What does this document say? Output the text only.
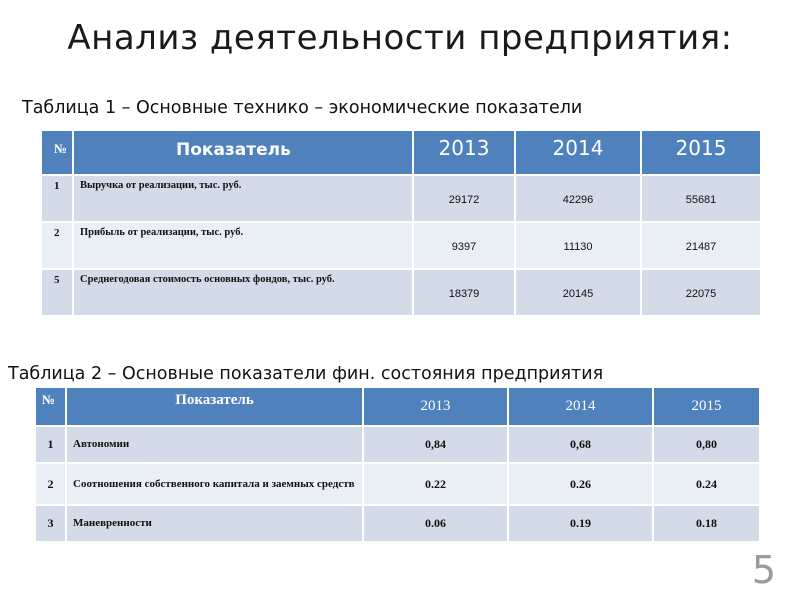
Анализ деятельности предприятия:
Таблица 1 – Основные технико – экономические показатели
№	Показатель	2013	2014	2015
1	Выручка от реализации, тыс. руб.	29172	42296	55681
2	Прибыль от реализации, тыс. руб.	9397	11130	21487
5	Среднегодовая стоимость основных фондов, тыс. руб.	18379	20145	22075
Таблица 2 – Основные показатели фин. состояния предприятия
№	Показатель	2013	2014	2015
1	Автономии	0,84	0,68	0,80
2	Соотношения собственного капитала и заемных средств	0.22	0.26	0.24
3	Маневренности	0.06	0.19	0.18
5
